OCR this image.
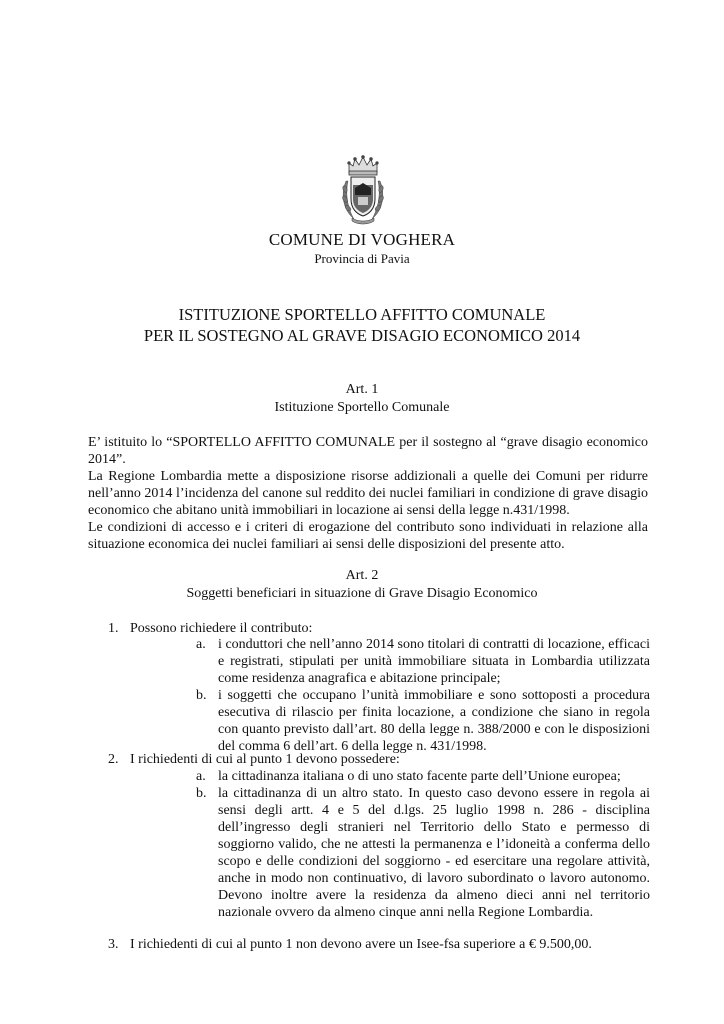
COMUNE DI VOGHERA
Provincia di Pavia
ISTITUZIONE SPORTELLO AFFITTO COMUNALE
PER IL SOSTEGNO AL GRAVE DISAGIO ECONOMICO 2014
Art. 1
Istituzione Sportello Comunale
E’ istituito lo “SPORTELLO AFFITTO COMUNALE per il sostegno al “grave disagio economico 2014”.
La Regione Lombardia mette a disposizione risorse addizionali a quelle dei Comuni per ridurre nell’anno 2014 l’incidenza del canone sul reddito dei nuclei familiari in condizione di grave disagio economico che abitano unità immobiliari in locazione ai sensi della legge n.431/1998.
Le condizioni di accesso e i criteri di erogazione del contributo sono individuati in relazione alla situazione economica dei nuclei familiari ai sensi delle disposizioni del presente atto.
Art. 2
Soggetti beneficiari in situazione di Grave Disagio Economico
1. Possono richiedere il contributo:
a. i conduttori che nell’anno 2014 sono titolari di contratti di locazione, efficaci e registrati, stipulati per unità immobiliare situata in Lombardia utilizzata come residenza anagrafica e abitazione principale;
b. i soggetti che occupano l’unità immobiliare e sono sottoposti a procedura esecutiva di rilascio per finita locazione, a condizione che siano in regola con quanto previsto dall’art. 80 della legge n. 388/2000 e con le disposizioni del comma 6 dell’art. 6 della legge n. 431/1998.
2. I richiedenti di cui al punto 1 devono possedere:
a. la cittadinanza italiana o di uno stato facente parte dell’Unione europea;
b. la cittadinanza di un altro stato. In questo caso devono essere in regola ai sensi degli artt. 4 e 5 del d.lgs. 25 luglio 1998 n. 286 - disciplina dell’ingresso degli stranieri nel Territorio dello Stato e permesso di soggiorno valido, che ne attesti la permanenza e l’idoneità a conferma dello scopo e delle condizioni del soggiorno - ed esercitare una regolare attività, anche in modo non continuativo, di lavoro subordinato o lavoro autonomo. Devono inoltre avere la residenza da almeno dieci anni nel territorio nazionale ovvero da almeno cinque anni nella Regione Lombardia.
3. I richiedenti di cui al punto 1 non devono avere un Isee-fsa superiore a € 9.500,00.
